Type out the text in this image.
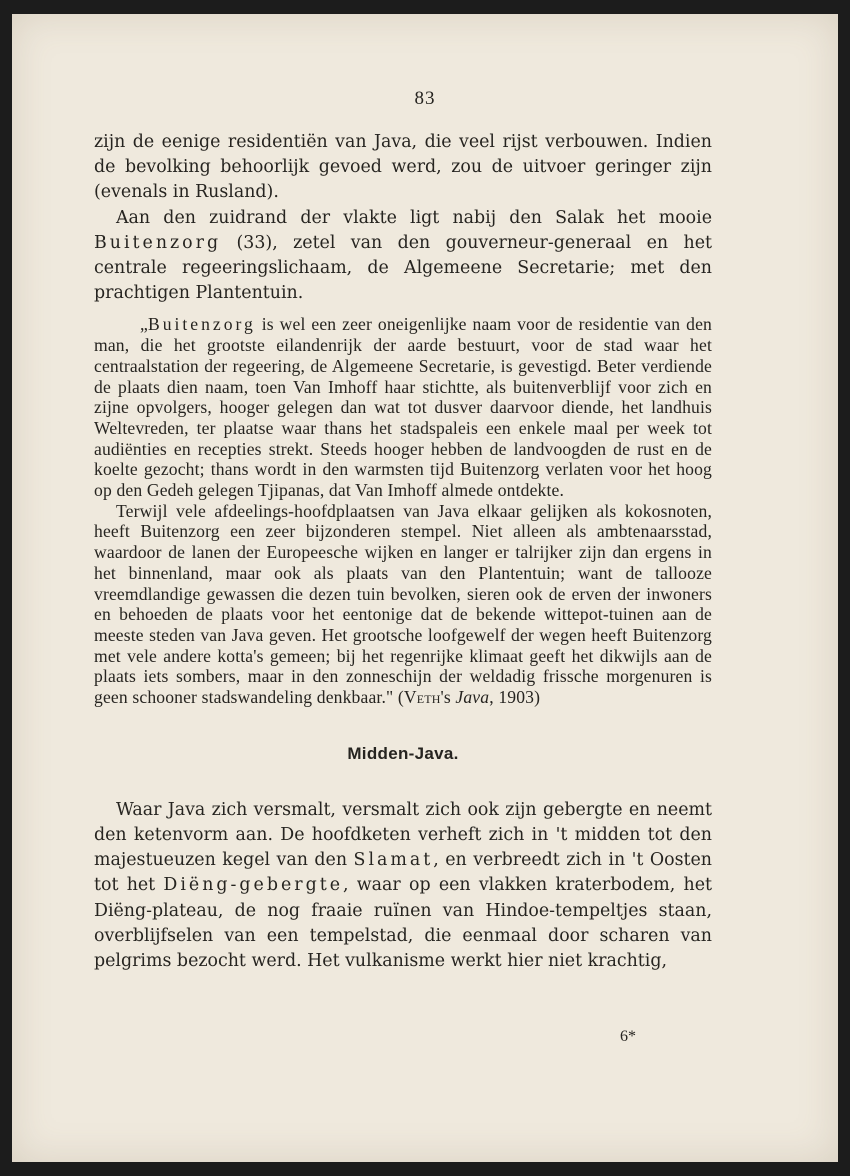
83

zijn de eenige residentiën van Java, die veel rijst verbouwen. Indien de bevolking behoorlijk gevoed werd, zou de uitvoer geringer zijn (evenals in Rusland).

Aan den zuidrand der vlakte ligt nabij den Salak het mooie Buitenzorg (33), zetel van den gouverneur-generaal en het centrale regeeringslichaam, de Algemeene Secretarie; met den prachtigen Plantentuin.

„Buitenzorg is wel een zeer oneigenlijke naam voor de residentie van den man, die het grootste eilandenrijk der aarde bestuurt, voor de stad waar het centraalstation der regeering, de Algemeene Secretarie, is gevestigd. Beter verdiende de plaats dien naam, toen Van Imhoff haar stichtte, als buitenverblijf voor zich en zijne opvolgers, hooger gelegen dan wat tot dusver daarvoor diende, het landhuis Weltevreden, ter plaatse waar thans het stadspaleis een enkele maal per week tot audiënties en recepties strekt. Steeds hooger hebben de landvoogden de rust en de koelte gezocht; thans wordt in den warmsten tijd Buitenzorg verlaten voor het hoog op den Gedeh gelegen Tjipanas, dat Van Imhoff almede ontdekte.

Terwijl vele afdeelings-hoofdplaatsen van Java elkaar gelijken als kokosnoten, heeft Buitenzorg een zeer bijzonderen stempel. Niet alleen als ambtenaarsstad, waardoor de lanen der Europeesche wijken en langer er talrijker zijn dan ergens in het binnenland, maar ook als plaats van den Plantentuin; want de tallooze vreemdlandige gewassen die dezen tuin bevolken, sieren ook de erven der inwoners en behoeden de plaats voor het eentonige dat de bekende wittepot-tuinen aan de meeste steden van Java geven. Het grootsche loofgewelf der wegen heeft Buitenzorg met vele andere kotta's gemeen; bij het regenrijke klimaat geeft het dikwijls aan de plaats iets sombers, maar in den zonneschijn der weldadig frissche morgenuren is geen schooner stadswandeling denkbaar." (Veth's Java, 1903)

Midden-Java.

Waar Java zich versmalt, versmalt zich ook zijn gebergte en neemt den ketenvorm aan. De hoofdketen verheft zich in 't midden tot den majestueuzen kegel van den Slamat, en verbreedt zich in 't Oosten tot het Diëng-gebergte, waar op een vlakken kraterbodem, het Diëng-plateau, de nog fraaie ruïnen van Hindoe-tempeltjes staan, overblijfselen van een tempelstad, die eenmaal door scharen van pelgrims bezocht werd. Het vulkanisme werkt hier niet krachtig,

6*
